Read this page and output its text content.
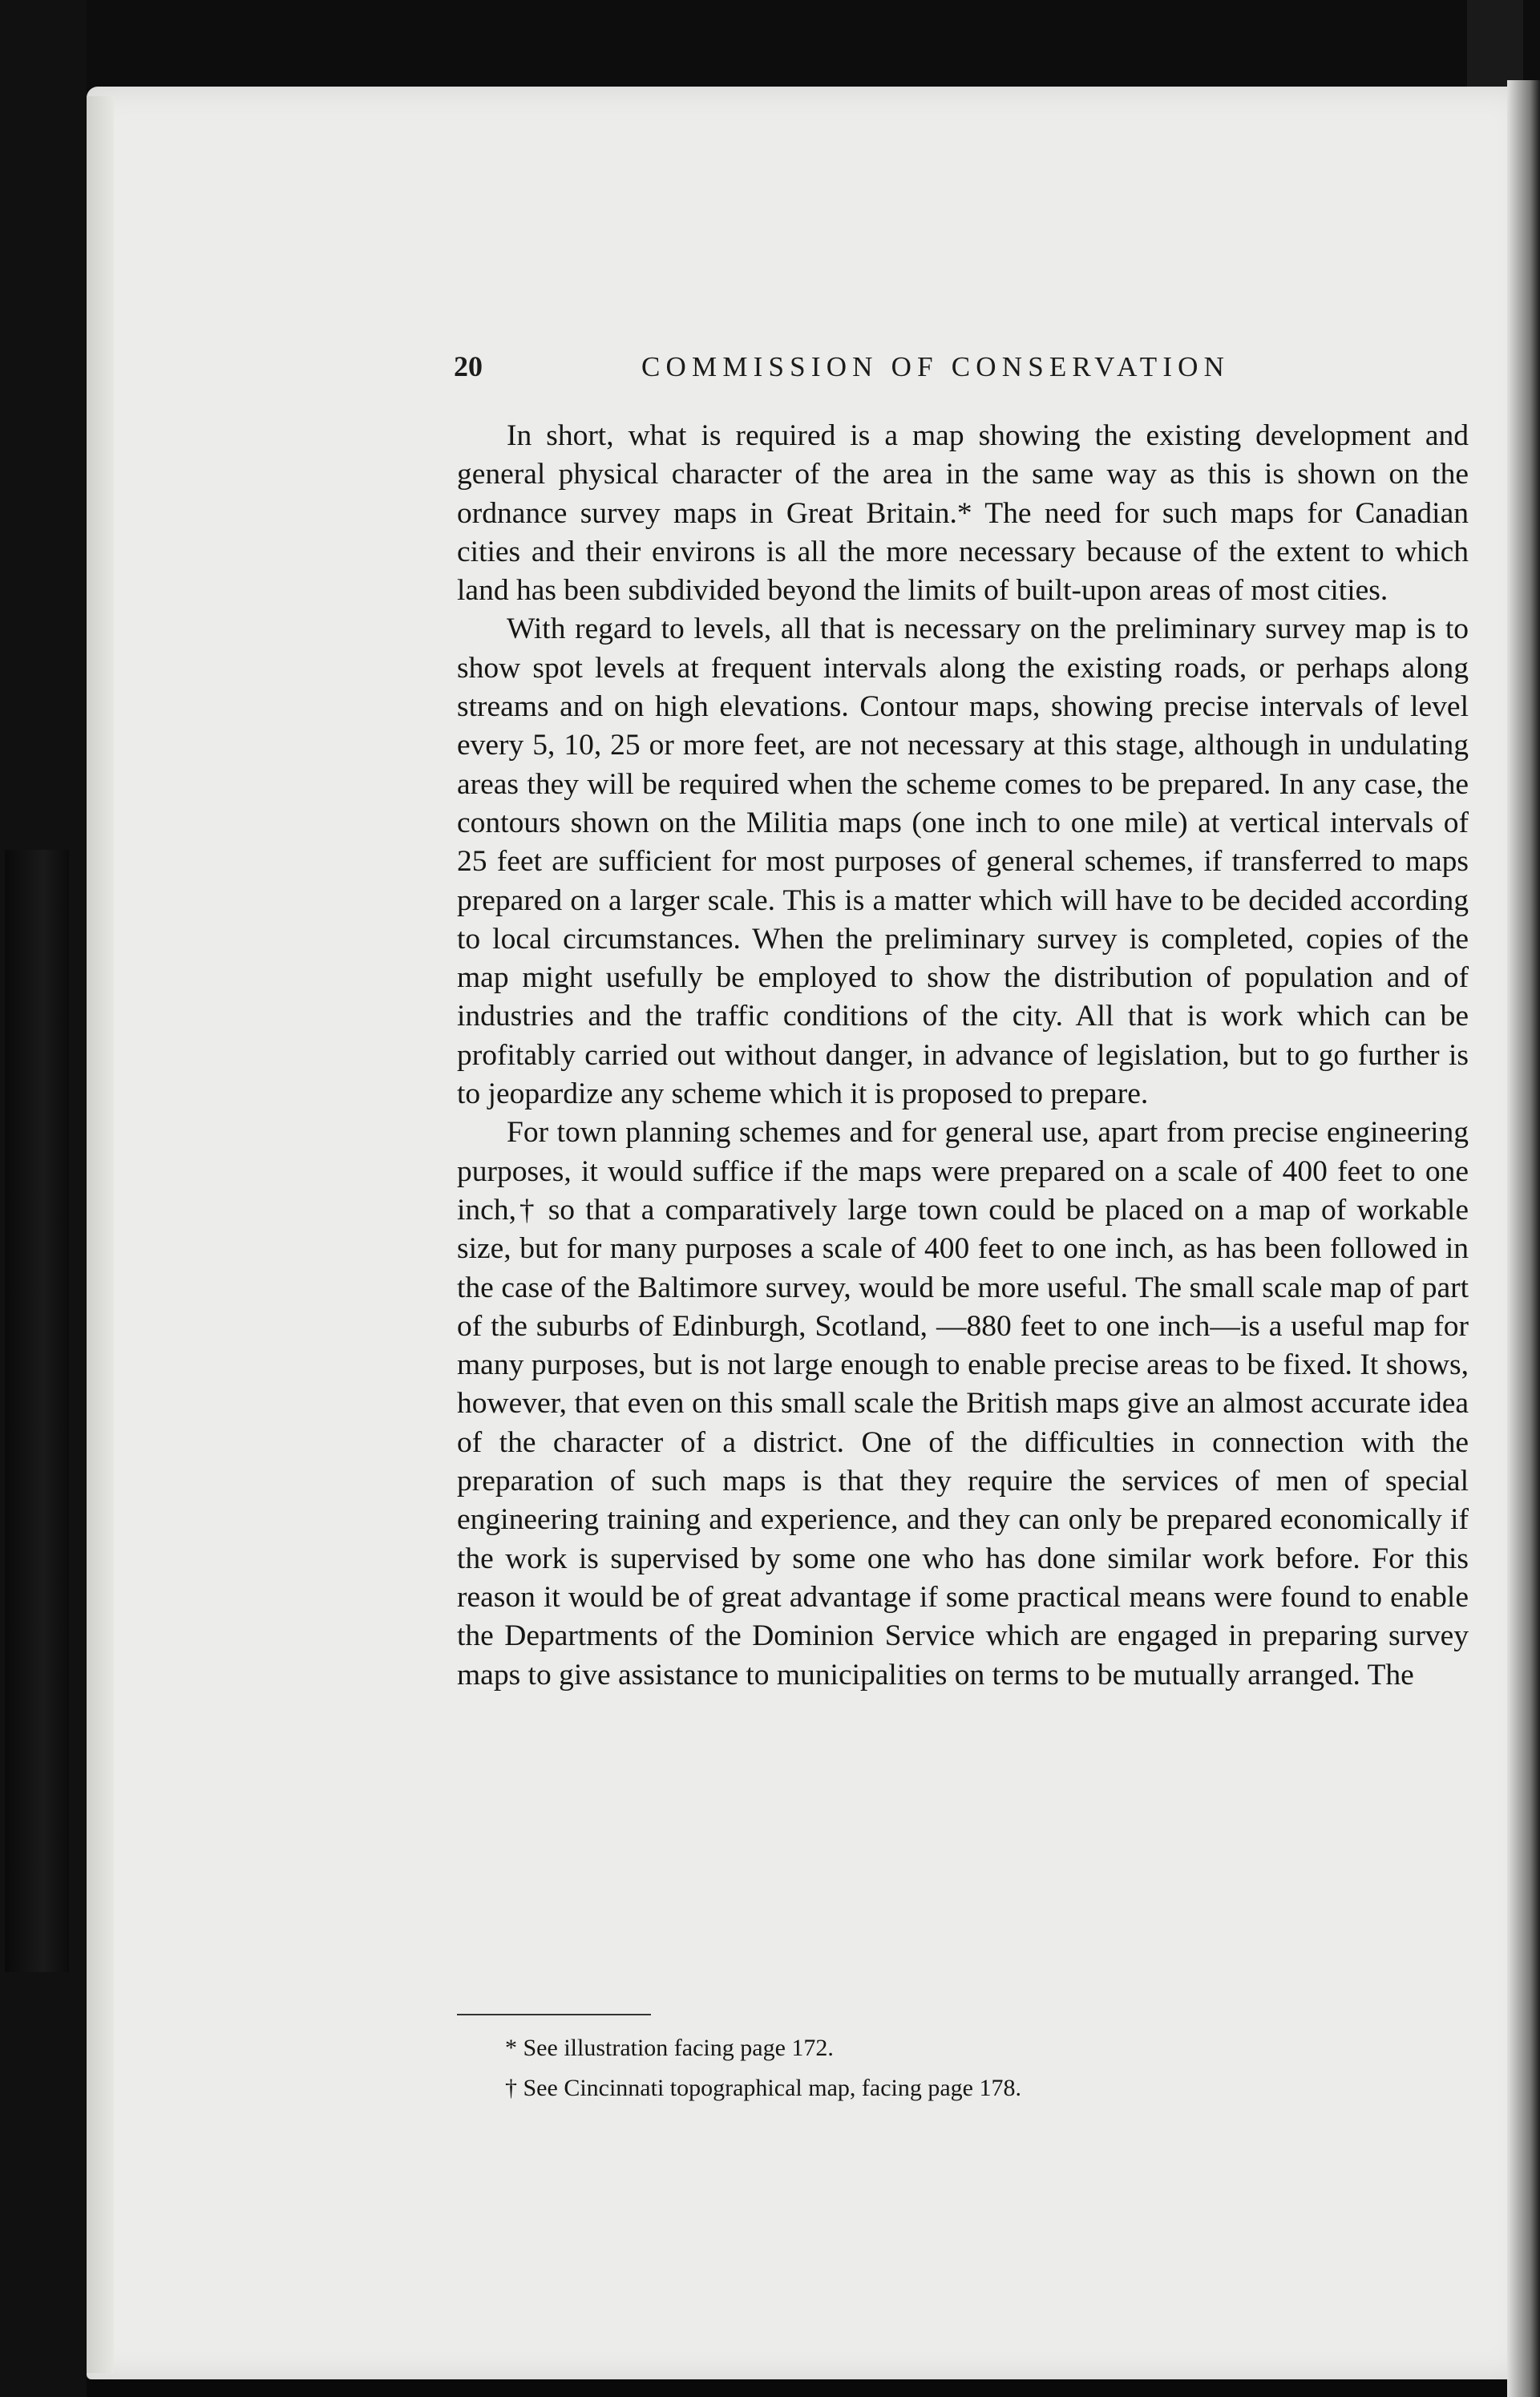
20	COMMISSION OF CONSERVATION

In short, what is required is a map showing the existing development and general physical character of the area in the same way as this is shown on the ordnance survey maps in Great Britain.* The need for such maps for Canadian cities and their environs is all the more necessary because of the extent to which land has been subdivided beyond the limits of built-upon areas of most cities.

With regard to levels, all that is necessary on the preliminary survey map is to show spot levels at frequent intervals along the existing roads, or perhaps along streams and on high elevations. Contour maps, showing precise intervals of level every 5, 10, 25 or more feet, are not necessary at this stage, although in undulating areas they will be required when the scheme comes to be prepared. In any case, the contours shown on the Militia maps (one inch to one mile) at vertical intervals of 25 feet are sufficient for most purposes of general schemes, if transferred to maps prepared on a larger scale. This is a matter which will have to be decided according to local circumstances. When the preliminary survey is completed, copies of the map might usefully be employed to show the distribution of population and of industries and the traffic conditions of the city. All that is work which can be profitably carried out without danger, in advance of legislation, but to go further is to jeopardize any scheme which it is proposed to prepare.

For town planning schemes and for general use, apart from precise engineering purposes, it would suffice if the maps were prepared on a scale of 400 feet to one inch,† so that a comparatively large town could be placed on a map of workable size, but for many purposes a scale of 400 feet to one inch, as has been followed in the case of the Baltimore survey, would be more useful. The small scale map of part of the suburbs of Edinburgh, Scotland, —880 feet to one inch—is a useful map for many purposes, but is not large enough to enable precise areas to be fixed. It shows, however, that even on this small scale the British maps give an almost accurate idea of the character of a district. One of the difficulties in connection with the preparation of such maps is that they require the services of men of special engineering training and experience, and they can only be prepared economically if the work is supervised by some one who has done similar work before. For this reason it would be of great advantage if some practical means were found to enable the Departments of the Dominion Service which are engaged in preparing survey maps to give assistance to municipalities on terms to be mutually arranged. The

* See illustration facing page 172.
† See Cincinnati topographical map, facing page 178.
